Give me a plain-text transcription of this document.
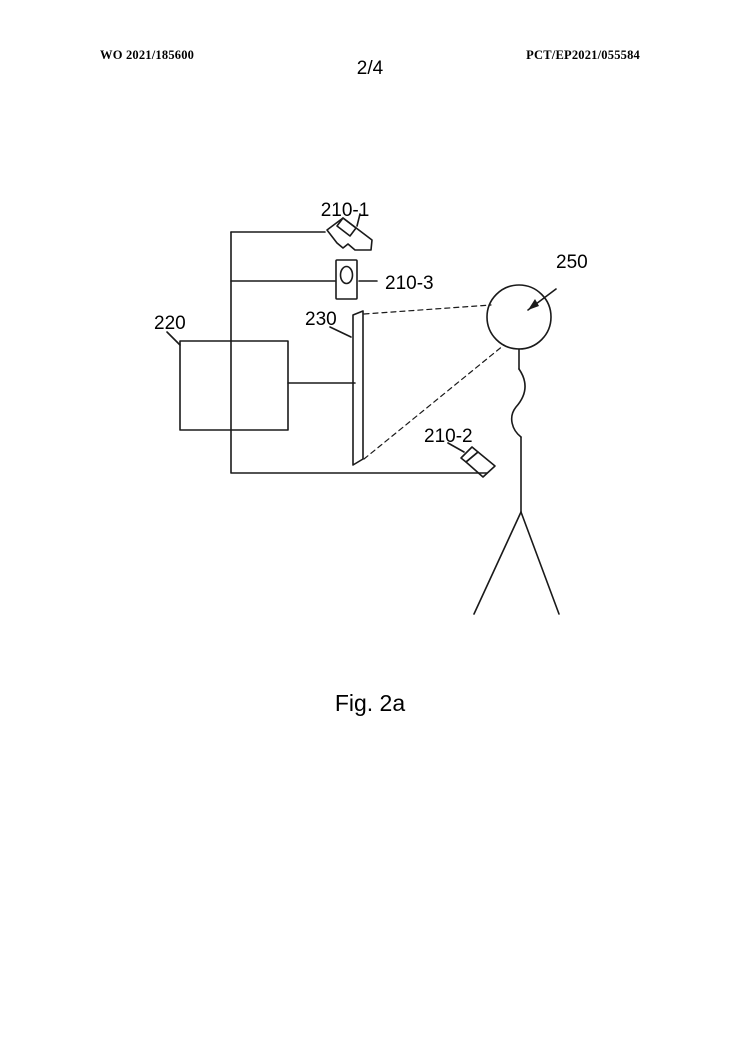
WO 2021/185600	PCT/EP2021/055584
2/4
210-1
210-3
210-2
220	230
250
Fig. 2a
